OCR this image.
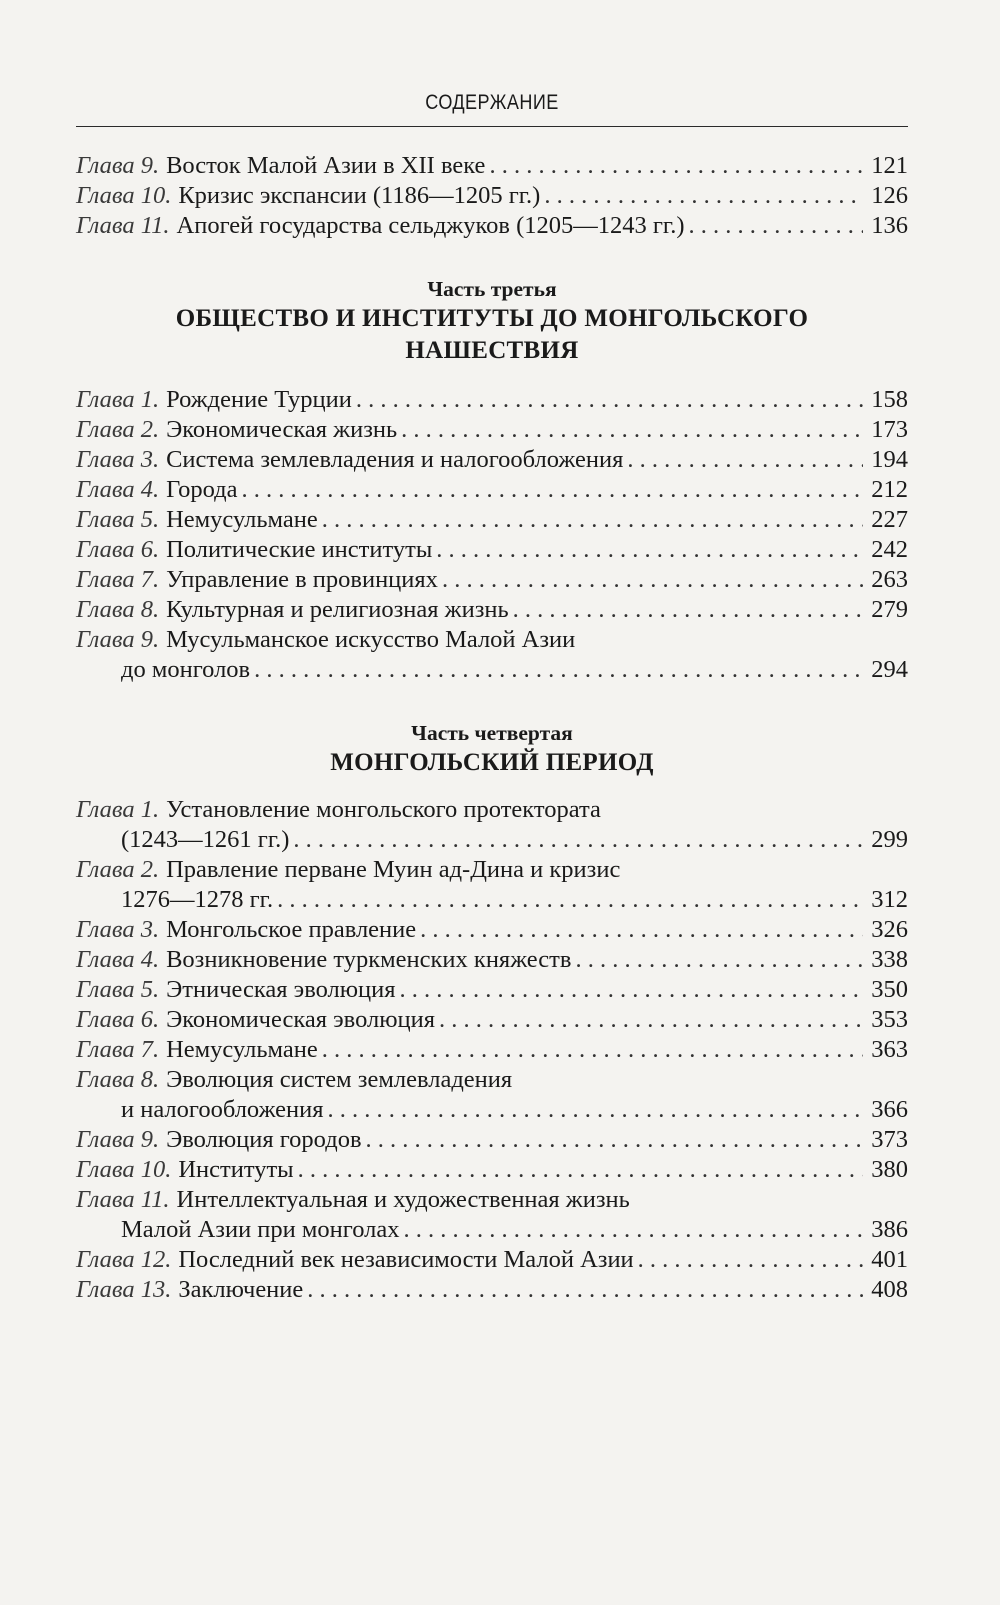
СОДЕРЖАНИЕ
Глава 9. Восток Малой Азии в XII веке . . .	121
Глава 10. Кризис экспансии (1186—1205 гг.) . . .	126
Глава 11. Апогей государства сельджуков (1205—1243 гг.) . . .	136
Часть третья
ОБЩЕСТВО И ИНСТИТУТЫ ДО МОНГОЛЬСКОГО
НАШЕСТВИЯ
Глава 1. Рождение Турции . . .	158
Глава 2. Экономическая жизнь . . .	173
Глава 3. Система землевладения и налогообложения . . .	194
Глава 4. Города . . .	212
Глава 5. Немусульмане . . .	227
Глава 6. Политические институты . . .	242
Глава 7. Управление в провинциях . . .	263
Глава 8. Культурная и религиозная жизнь . . .	279
Глава 9. Мусульманское искусство Малой Азии
до монголов . . .	294
Часть четвертая
МОНГОЛЬСКИЙ ПЕРИОД
Глава 1. Установление монгольского протектората
(1243—1261 гг.) . . .	299
Глава 2. Правление перване Муин ад-Дина и кризис
1276—1278 гг. . . .	312
Глава 3. Монгольское правление . . .	326
Глава 4. Возникновение туркменских княжеств . . .	338
Глава 5. Этническая эволюция . . .	350
Глава 6. Экономическая эволюция . . .	353
Глава 7. Немусульмане . . .	363
Глава 8. Эволюция систем землевладения
и налогообложения . . .	366
Глава 9. Эволюция городов . . .	373
Глава 10. Институты . . .	380
Глава 11. Интеллектуальная и художественная жизнь
Малой Азии при монголах . . .	386
Глава 12. Последний век независимости Малой Азии . . .	401
Глава 13. Заключение . . .	408
